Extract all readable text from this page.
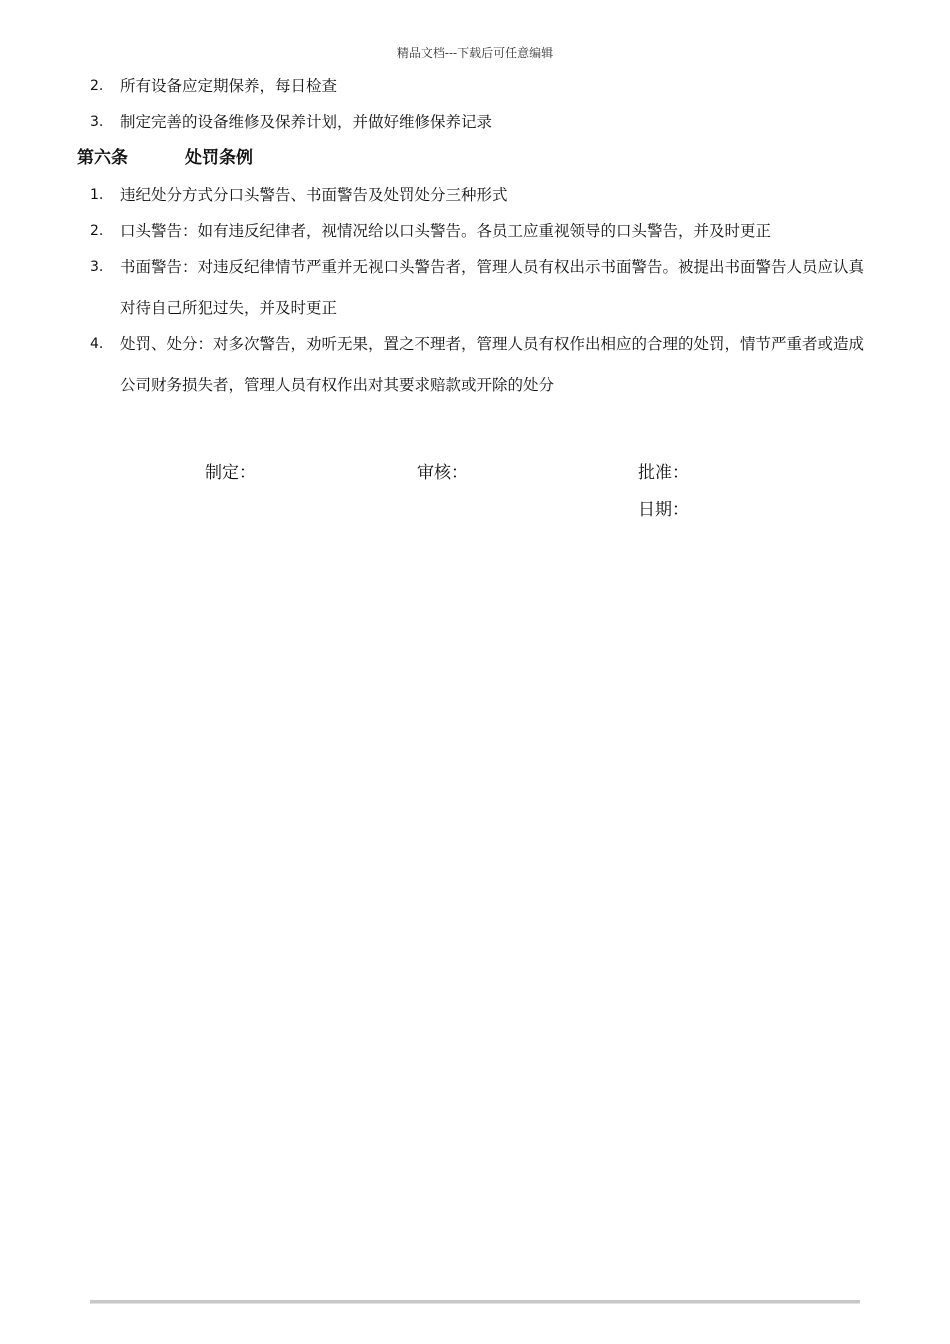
精品文档---下载后可任意编辑
2. 所有设备应定期保养，每日检查
3. 制定完善的设备维修及保养计划，并做好维修保养记录
第六条	处罚条例
1. 违纪处分方式分口头警告、书面警告及处罚处分三种形式
2. 口头警告：如有违反纪律者，视情况给以口头警告。各员工应重视领导的口头警告，并及时更正
3. 书面警告：对违反纪律情节严重并无视口头警告者，管理人员有权出示书面警告。被提出书面警告人员应认真对待自己所犯过失，并及时更正
4. 处罚、处分：对多次警告，劝听无果，置之不理者，管理人员有权作出相应的合理的处罚，情节严重者或造成公司财务损失者，管理人员有权作出对其要求赔款或开除的处分
制定：	审核：	批准：
日期：
